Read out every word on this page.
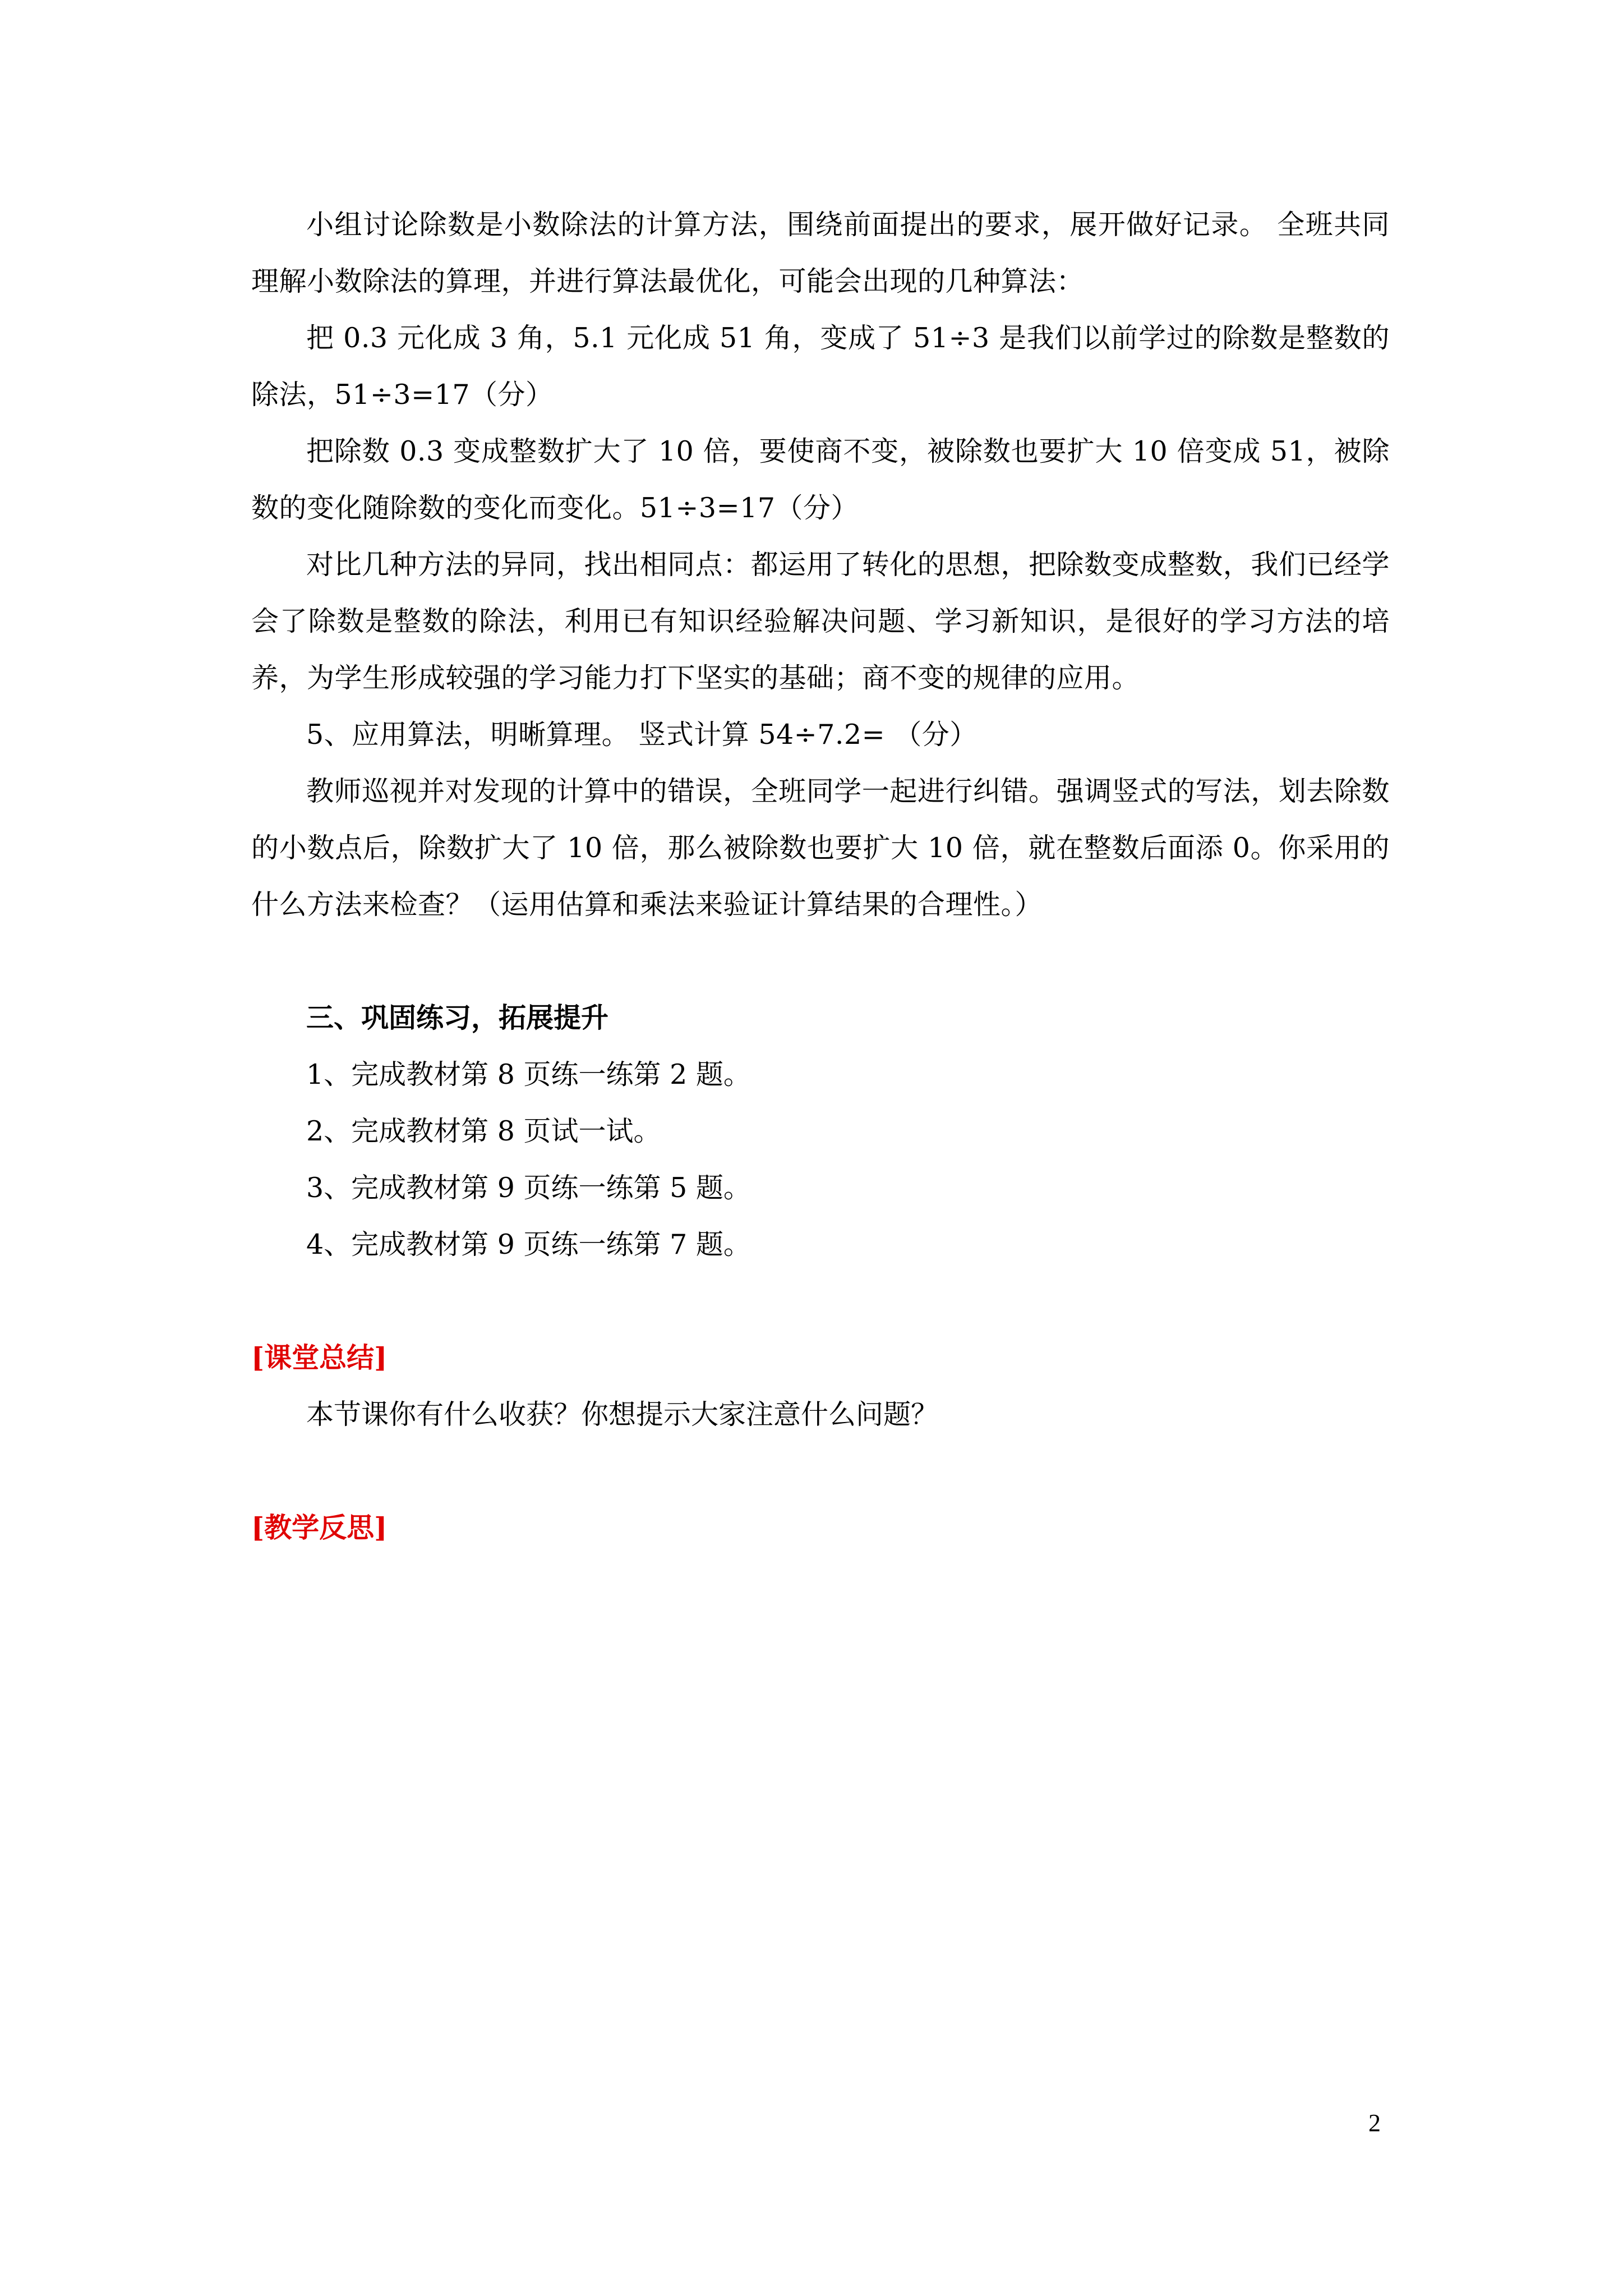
小组讨论除数是小数除法的计算方法，围绕前面提出的要求，展开做好记录。 全班共同理解小数除法的算理，并进行算法最优化，可能会出现的几种算法：

把 0.3 元化成 3 角，5.1 元化成 51 角，变成了 51÷3 是我们以前学过的除数是整数的除法，51÷3=17（分）

把除数 0.3 变成整数扩大了 10 倍，要使商不变，被除数也要扩大 10 倍变成 51，被除数的变化随除数的变化而变化。51÷3=17（分）

对比几种方法的异同，找出相同点：都运用了转化的思想，把除数变成整数，我们已经学会了除数是整数的除法，利用已有知识经验解决问题、学习新知识，是很好的学习方法的培养，为学生形成较强的学习能力打下坚实的基础；商不变的规律的应用。

5、应用算法，明晰算理。 竖式计算 54÷7.2= （分）

教师巡视并对发现的计算中的错误，全班同学一起进行纠错。强调竖式的写法，划去除数的小数点后，除数扩大了 10 倍，那么被除数也要扩大 10 倍，就在整数后面添 0。你采用的什么方法来检查？（运用估算和乘法来验证计算结果的合理性。）

三、巩固练习，拓展提升

1、完成教材第 8 页练一练第 2 题。

2、完成教材第 8 页试一试。

3、完成教材第 9 页练一练第 5 题。

4、完成教材第 9 页练一练第 7 题。

[课堂总结]

本节课你有什么收获？你想提示大家注意什么问题？

[教学反思]

2
